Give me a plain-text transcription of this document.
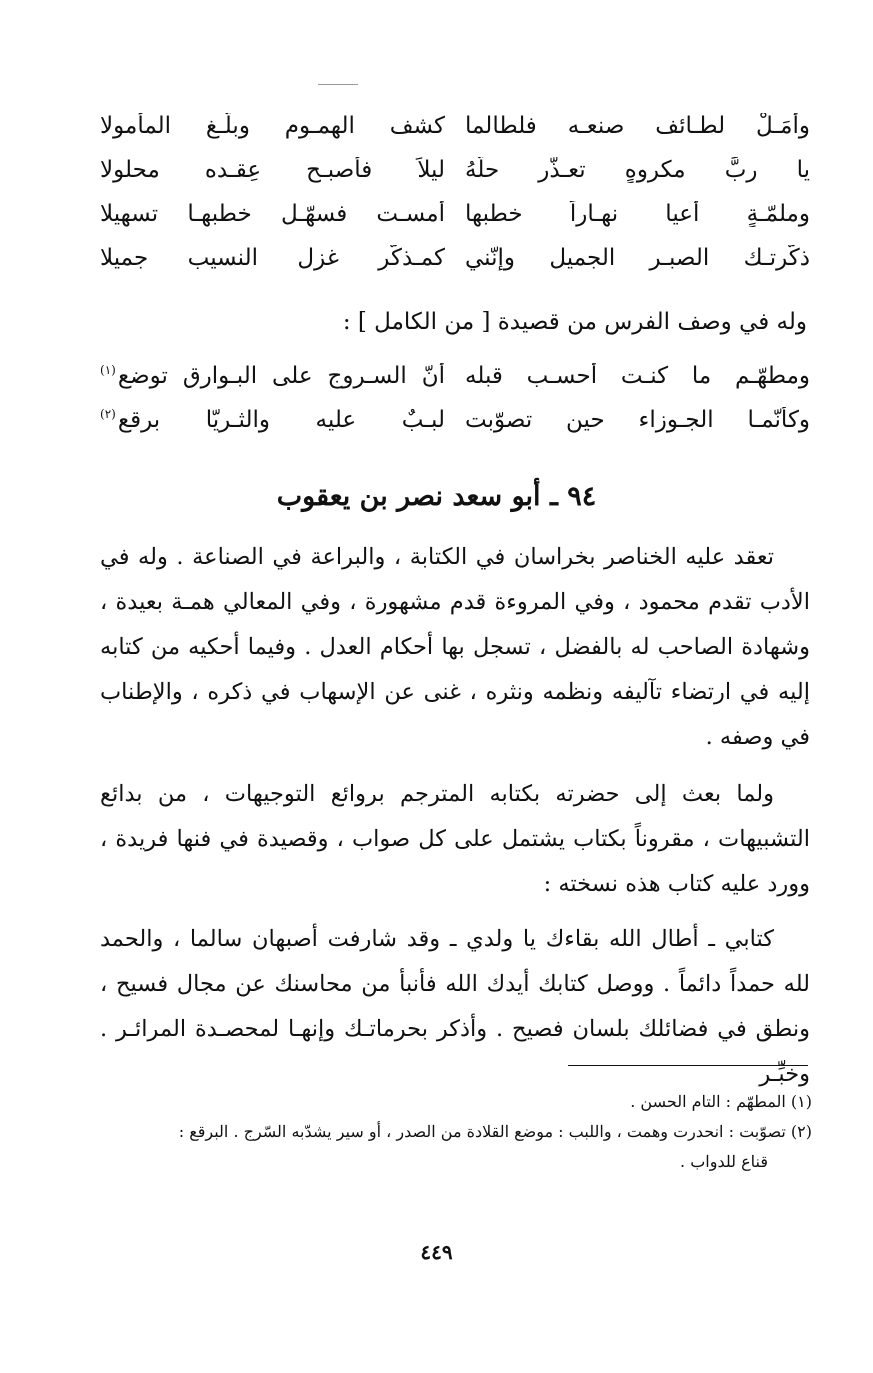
وأمَـلْ لطـائف صنعـه فلطالما
كشف الهمـوم وبلّـغ المأمولا
يا ربَّ مكروهٍ تعـذّر حلُّهُ
ليلاً فأصبـح عِقـده محلولا
وملمّـةٍ أعيا نهـاراً خطبها
أمسـت فسهّـل خطبهـا تسهيلا
ذكّرتـك الصبـر الجميل وإنّني
كمـذكّرٍ غزل النسيب جميلا
وله في وصف الفرس من قصيدة [ من الكامل ] :
ومطهّـم ما كنـت أحسـب قبله
أنّ السـروج على البـوارق توضع$^{(١)}$
وكأنّمـا الجـوزاء حين تصوّبت
لبـبٌ عليه والثـريّا برقع$^{(٢)}$
٩٤ ـ أبو سعد نصر بن يعقوب

تعقد عليه الخناصر بخراسان في الكتابة ، والبراعة في الصناعة . وله في الأدب تقدم محمود ، وفي المروءة قدم مشهورة ، وفي المعالي همـة بعيدة ، وشهادة الصاحب له بالفضل ، تسجل بها أحكام العدل . وفيما أحكيه من كتابه إليه في ارتضاء تآليفه ونظمه ونثره ، غنى عن الإسهاب في ذكره ، والإطناب في وصفه .

ولما بعث إلى حضرته بكتابه المترجم بروائع التوجيهات ، من بدائع التشبيهات ، مقروناً بكتاب يشتمل على كل صواب ، وقصيدة في فنها فريدة ، وورد عليه كتاب هذه نسخته :

كتابي ـ أطال الله بقاءك يا ولدي ـ وقد شارفت أصبهان سالما ، والحمد لله حمداً دائماً . ووصل كتابك أيدك الله فأنبأ من محاسنك عن مجال فسيح ، ونطق في فضائلك بلسان فصيح . وأذكر بحرماتـك وإنهـا لمحصـدة المرائـر . وخبِّـر

(١) المطهّم : التام الحسن .

(٢) تصوّبت : انحدرت وهمت ، واللبب : موضع القلادة من الصدر ، أو سير يشدّبه السّرج . البرقع :

قناع للدواب .

٤٤٩
